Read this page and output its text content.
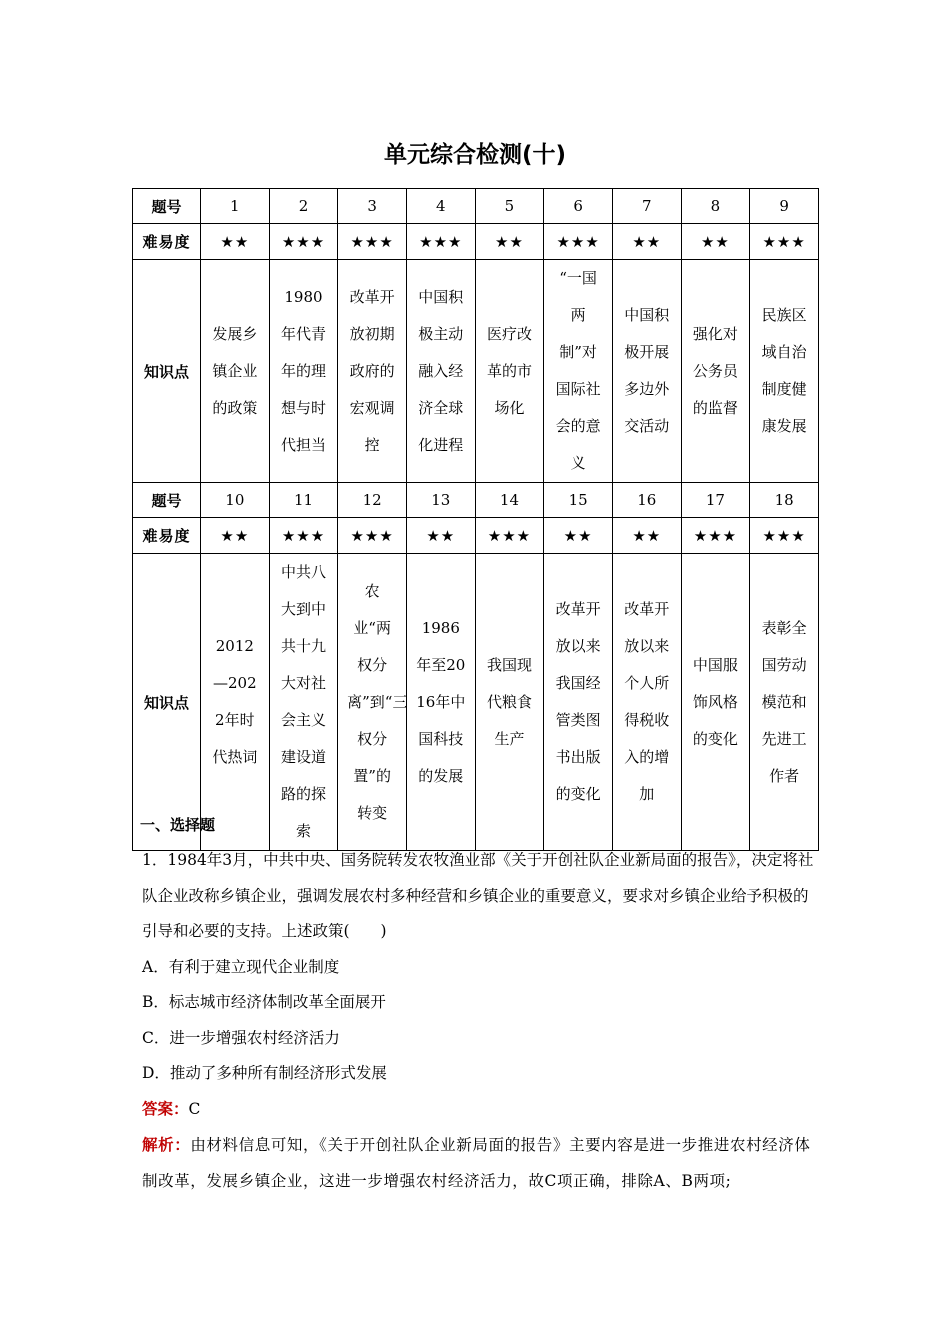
单元综合检测(十)
题号	1	2	3	4	5	6	7	8	9
难易度	★★	★★★	★★★	★★★	★★	★★★	★★	★★	★★★
知识点	发展乡镇企业的政策	1980年代青年的理想与时代担当	改革开放初期政府的宏观调控	中国积极主动融入经济全球化进程	医疗改革的市场化	“一国两制”对国际社会的意义	中国积极开展多边外交活动	强化对公务员的监督	民族区域自治制度健康发展

题号	10	11	12	13	14	15	16	17	18
难易度	★★	★★★	★★★	★★	★★★	★★	★★	★★★	★★★
知识点	2012—2022年时代热词	中共八大到中共十九大对社会主义建设道路的探索	农业“两权分离”到“三权分置”的转变	1986年至2016年中国科技的发展	我国现代粮食生产	改革开放以来我国经管类图书出版的变化	改革开放以来个人所得税收入的增加	中国服饰风格的变化	表彰全国劳动模范和先进工作者
一、选择题
1．1984年3月，中共中央、国务院转发农牧渔业部《关于开创社队企业新局面的报告》，决定将社队企业改称乡镇企业，强调发展农村多种经营和乡镇企业的重要意义，要求对乡镇企业给予积极的引导和必要的支持。上述政策(　　)
A．有利于建立现代企业制度
B．标志城市经济体制改革全面展开
C．进一步增强农村经济活力
D．推动了多种所有制经济形式发展
答案：C
解析：由材料信息可知，《关于开创社队企业新局面的报告》主要内容是进一步推进农村经济体制改革，发展乡镇企业，这进一步增强农村经济活力，故C项正确，排除A、B两项;
